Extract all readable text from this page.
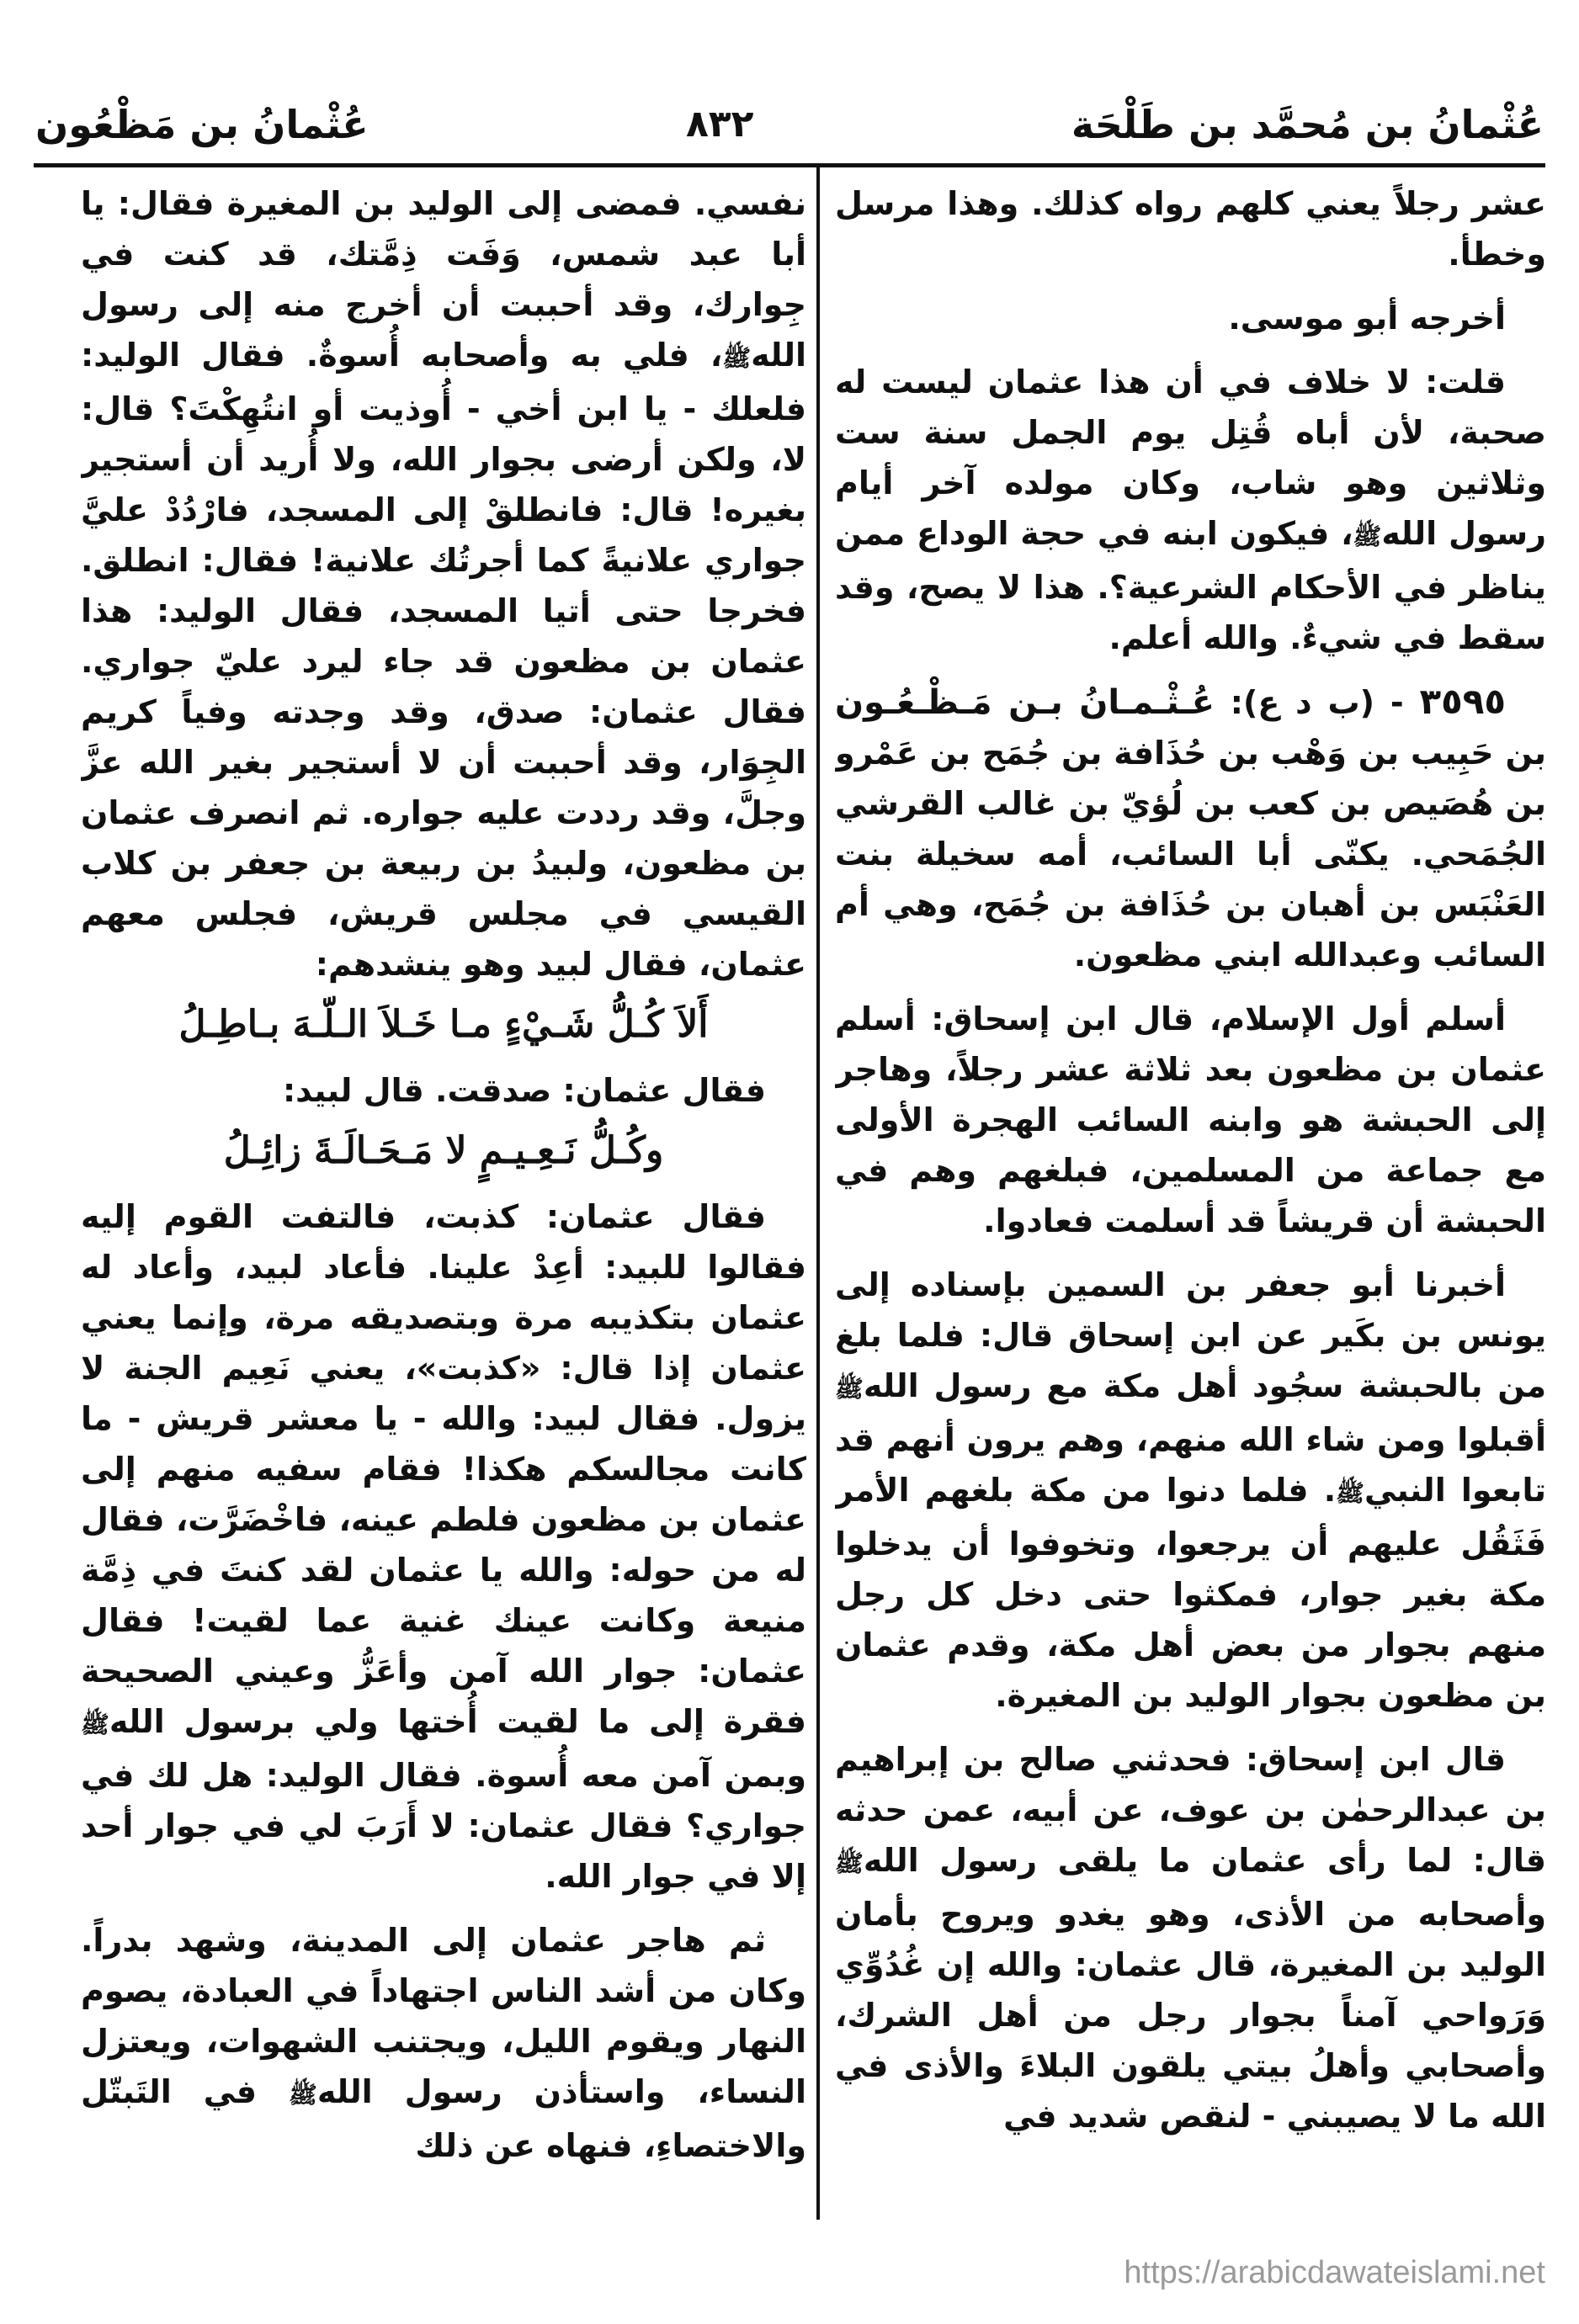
عُثْمانُ بن مُحمَّد بن طَلْحَة
٨٣٢
عُثْمانُ بن مَظْعُون

عشر رجلاً يعني كلهم رواه كذلك. وهذا مرسل وخطأ.

أخرجه أبو موسى.

قلت: لا خلاف في أن هذا عثمان ليست له صحبة، لأن أباه قُتِل يوم الجمل سنة ست وثلاثين وهو شاب، وكان مولده آخر أيام رسول اللهﷺ، فيكون ابنه في حجة الوداع ممن يناظر في الأحكام الشرعية؟. هذا لا يصح، وقد سقط في شيءٌ. والله أعلم.

٣٥٩٥ - (ب د ع): عُـثْـمـانُ بـن مَـظْـعُـون بن حَبِيب بن وَهْب بن حُذَافة بن جُمَح بن عَمْرو بن هُصَيص بن كعب بن لُؤيّ بن غالب القرشي الجُمَحي. يكنّى أبا السائب، أمه سخيلة بنت العَنْبَس بن أهبان بن حُذَافة بن جُمَح، وهي أم السائب وعبدالله ابني مظعون.

أسلم أول الإسلام، قال ابن إسحاق: أسلم عثمان بن مظعون بعد ثلاثة عشر رجلاً، وهاجر إلى الحبشة هو وابنه السائب الهجرة الأولى مع جماعة من المسلمين، فبلغهم وهم في الحبشة أن قريشاً قد أسلمت فعادوا.

أخبرنا أبو جعفر بن السمين بإسناده إلى يونس بن بكَير عن ابن إسحاق قال: فلما بلغ من بالحبشة سجُود أهل مكة مع رسول اللهﷺ أقبلوا ومن شاء الله منهم، وهم يرون أنهم قد تابعوا النبيﷺ. فلما دنوا من مكة بلغهم الأمر فَثَقُل عليهم أن يرجعوا، وتخوفوا أن يدخلوا مكة بغير جوار، فمكثوا حتى دخل كل رجل منهم بجوار من بعض أهل مكة، وقدم عثمان بن مظعون بجوار الوليد بن المغيرة.

قال ابن إسحاق: فحدثني صالح بن إبراهيم بن عبدالرحمٰن بن عوف، عن أبيه، عمن حدثه قال: لما رأى عثمان ما يلقى رسول اللهﷺ وأصحابه من الأذى، وهو يغدو ويروح بأمان الوليد بن المغيرة، قال عثمان: والله إن غُدُوِّي وَرَواحي آمناً بجوار رجل من أهل الشرك، وأصحابي وأهلُ بيتي يلقون البلاءَ والأذى في الله ما لا يصيبني - لنقص شديد في

نفسي. فمضى إلى الوليد بن المغيرة فقال: يا أبا عبد شمس، وَفَت ذِمَّتك، قد كنت في جِوارك، وقد أحببت أن أخرج منه إلى رسول اللهﷺ، فلي به وأصحابه أُسوةٌ. فقال الوليد: فلعلك - يا ابن أخي - أُوذيت أو انتُهِكْتَ؟ قال: لا، ولكن أرضى بجوار الله، ولا أُريد أن أستجير بغيره! قال: فانطلقْ إلى المسجد، فارْدُدْ عليَّ جواري علانيةً كما أجرتُك علانية! فقال: انطلق. فخرجا حتى أتيا المسجد، فقال الوليد: هذا عثمان بن مظعون قد جاء ليرد عليّ جواري. فقال عثمان: صدق، وقد وجدته وفياً كريم الجِوَار، وقد أحببت أن لا أستجير بغير الله عزَّ وجلَّ، وقد رددت عليه جواره. ثم انصرف عثمان بن مظعون، ولبيدُ بن ربيعة بن جعفر بن كلاب القيسي في مجلس قريش، فجلس معهم عثمان، فقال لبيد وهو ينشدهم:

أَلاَ كُـلُّ شَـيْءٍ مـا خَـلاَ الـلّـهَ بـاطِـلُ

فقال عثمان: صدقت. قال لبيد:

وكُـلُّ نَـعِـيـمٍ لا مَـحَـالَـةَ زائِـلُ

فقال عثمان: كذبت، فالتفت القوم إليه فقالوا للبيد: أعِدْ علينا. فأعاد لبيد، وأعاد له عثمان بتكذيبه مرة وبتصديقه مرة، وإنما يعني عثمان إذا قال: «كذبت»، يعني نَعِيم الجنة لا يزول. فقال لبيد: والله - يا معشر قريش - ما كانت مجالسكم هكذا! فقام سفيه منهم إلى عثمان بن مظعون فلطم عينه، فاخْضَرَّت، فقال له من حوله: والله يا عثمان لقد كنتَ في ذِمَّة منيعة وكانت عينك غنية عما لقيت! فقال عثمان: جوار الله آمن وأعَزُّ وعيني الصحيحة فقرة إلى ما لقيت أُختها ولي برسول اللهﷺ وبمن آمن معه أُسوة. فقال الوليد: هل لك في جواري؟ فقال عثمان: لا أَرَبَ لي في جوار أحد إلا في جوار الله.

ثم هاجر عثمان إلى المدينة، وشهد بدراً. وكان من أشد الناس اجتهاداً في العبادة، يصوم النهار ويقوم الليل، ويجتنب الشهوات، ويعتزل النساء، واستأذن رسول اللهﷺ في التَبتّل والاختصاءِ، فنهاه عن ذلك

https://arabicdawateislami.net
